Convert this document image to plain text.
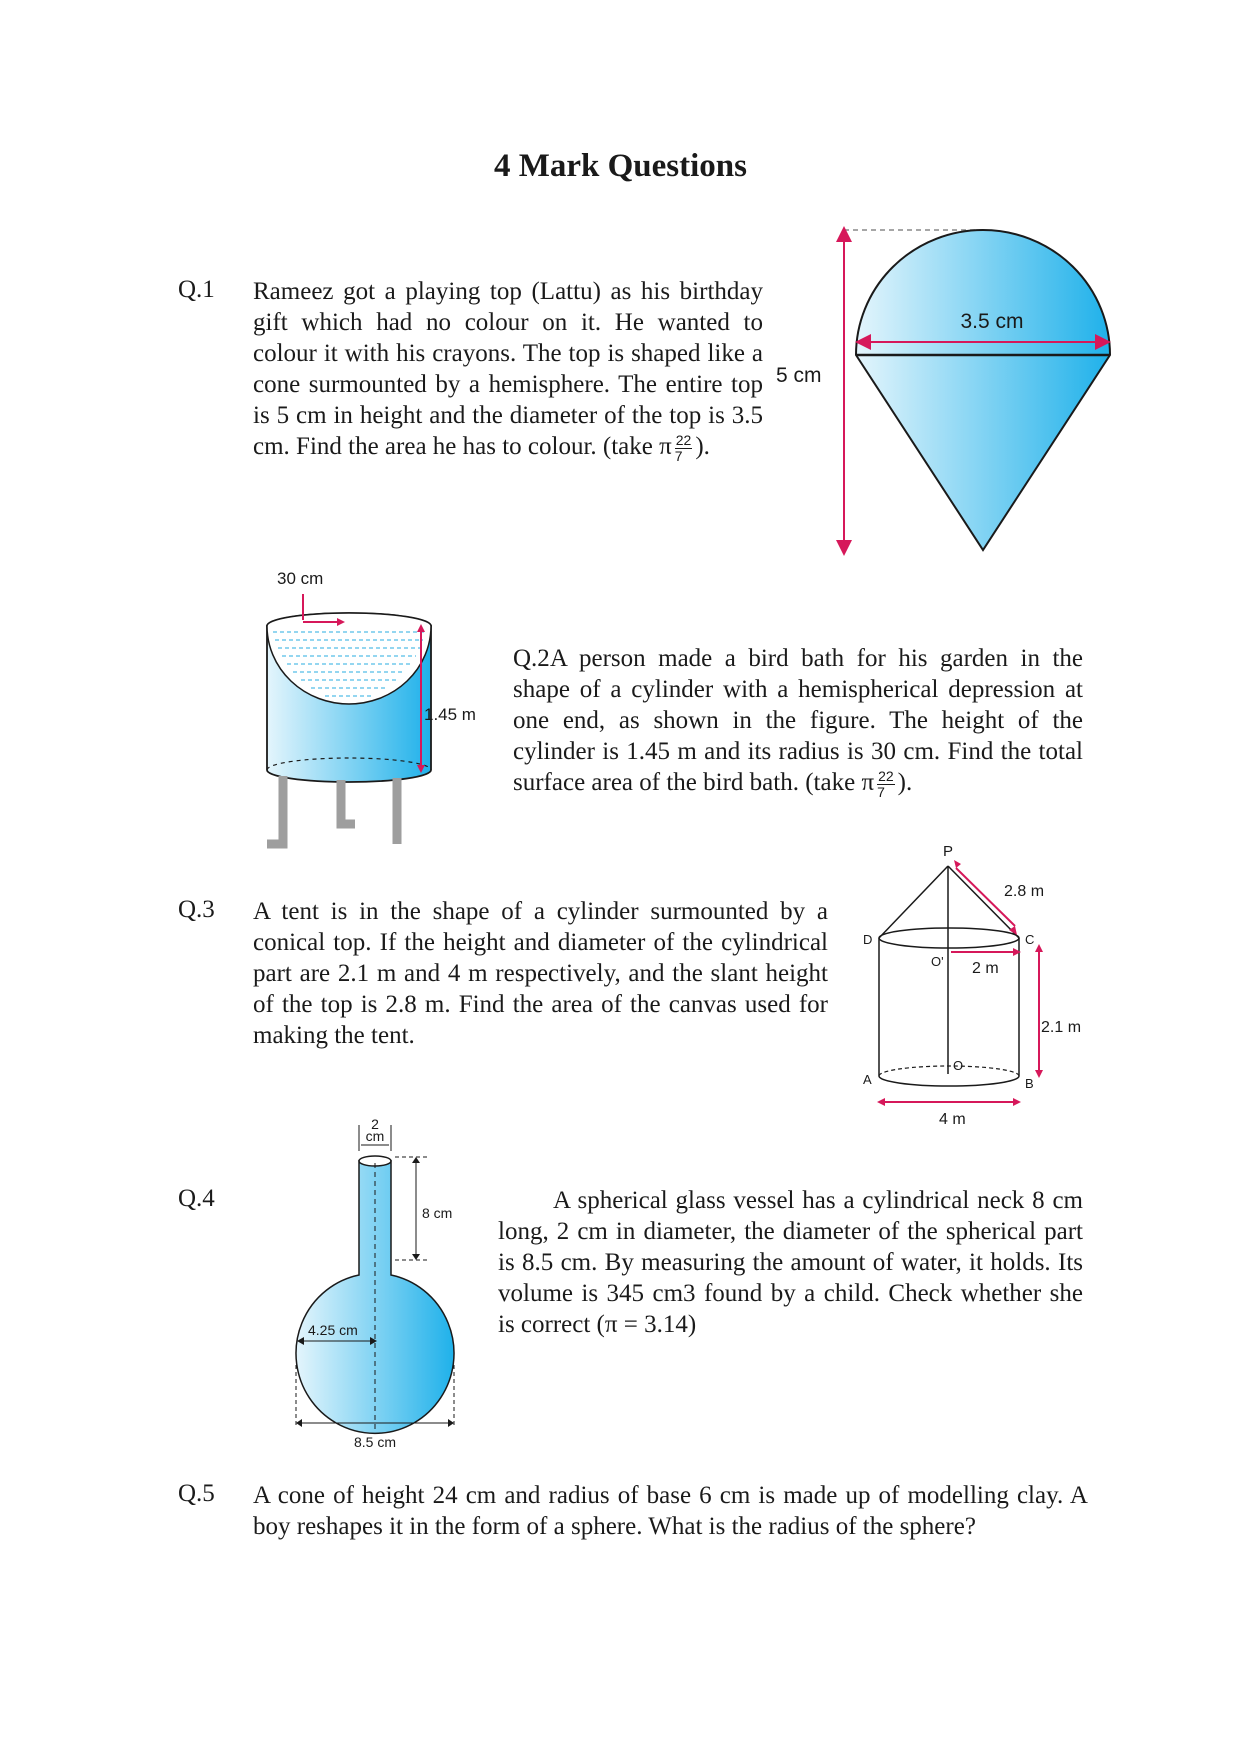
4 Mark Questions
Q.1 Rameez got a playing top (Lattu) as his birthday gift which had no colour on it. He wanted to colour it with his crayons. The top is shaped like a cone surmounted by a hemisphere. The entire top is 5 cm in height and the diameter of the top is 3.5 cm. Find the area he has to colour. (take π $\frac{22}{7}$ ).
3.5 cm
5 cm
30 cm
1.45 m
Q.2A person made a bird bath for his garden in the shape of a cylinder with a hemispherical depression at one end, as shown in the figure. The height of the cylinder is 1.45 m and its radius is 30 cm. Find the total surface area of the bird bath. (take π $\frac{22}{7}$ ).
Q.3 A tent is in the shape of a cylinder surmounted by a conical top. If the height and diameter of the cylindrical part are 2.1 m and 4 m respectively, and the slant height of the top is 2.8 m. Find the area of the canvas used for making the tent.
P
2.8 m
2 m
2.1 m
4 m
D	C
O'
O
A	B
Q.4
2
cm
8 cm
4.25 cm
8.5 cm
A spherical glass vessel has a cylindrical neck 8 cm long, 2 cm in diameter, the diameter of the spherical part is 8.5 cm. By measuring the amount of water, it holds. Its volume is 345 cm3 found by a child. Check whether she is correct (π = 3.14)
Q.5 A cone of height 24 cm and radius of base 6 cm is made up of modelling clay. A boy reshapes it in the form of a sphere. What is the radius of the sphere?
